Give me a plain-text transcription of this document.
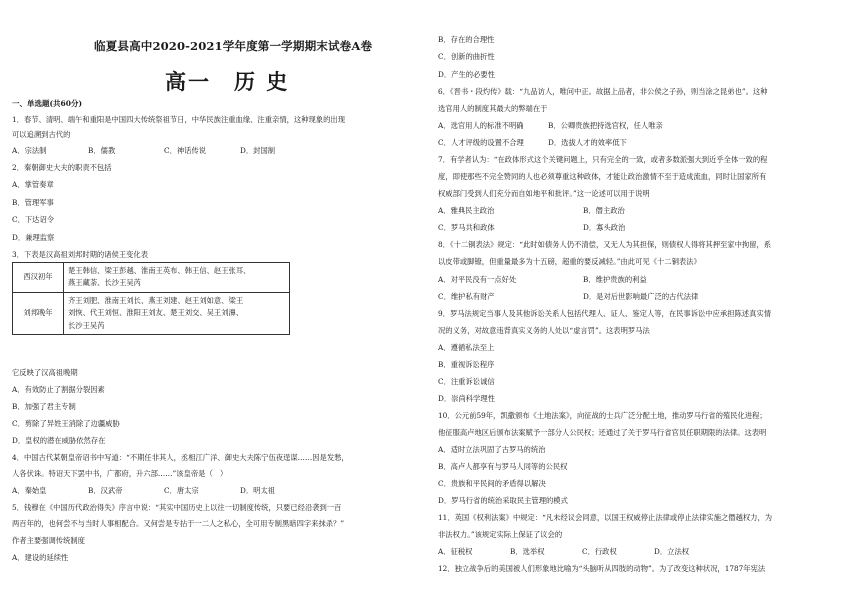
临夏县高中2020-2021学年度第一学期期末试卷A卷
高一　历 史
一、单选题(共60分)
1．春节、清明、端午和重阳是中国四大传统祭祖节日，中华民族注重血缘、注重亲情，这种现象的出现
可以追溯到古代的
A．宗法制	B．儒教	C．神话传说	D．封国制
2．秦朝御史大夫的职责不包括
A．掌管奏章
B．管理军事
C．下达诏令
D．兼理监察
3．下表是汉高祖刘邦时期的诸侯王变化表
西汉初年	楚王韩信、梁王彭越、淮南王英布、韩王信、赵王张耳、
燕王藏荼、长沙王吴芮

刘邦晚年	齐王刘肥、淮南王刘长、燕王刘建、赵王刘如意、梁王
刘恢、代王刘恒、淮阳王刘友、楚王刘交、吴王刘濞、
长沙王吴芮
它反映了汉高祖晚期
A．有效防止了割据分裂因素
B．加强了君主专制
C．剪除了异姓王消除了边疆威胁
D．皇权的潜在威胁依然存在
4．中国古代某朝皇帝诏书中写道：“不期任非其人，丞相江广洋、御史大夫陈宁伍夜逞谋……因是发愁，
人各伏诛。特诏天下罢中书，广都府，升六部……”该皇帝是（　）
A．秦始皇	B．汉武帝	C．唐太宗	D．明太祖
5．钱穆在《中国历代政治得失》序言中说：“其实中国历史上以往一切制度传统，只要已经沿袭到一百
两百年的，也何尝不与当时人事相配合。又何尝是专拈于一二人之私心，全可用专制黑暗四字来抹杀？”
作者主要强调传统制度
A．建设的延续性
B．存在的合理性
C．创新的曲折性
D．产生的必要性
6．《晋书・段灼传》载：“九品访人，唯问中正。故据上品者，非公侯之子孙，则当涂之昆弟也”。这种
选官用人的制度其最大的弊端在于
A．选官用人的标准不明确	B．公卿贵族把持选官权，任人唯亲
C．人才评级的设置不合理	D．选拔人才的效率低下
7．有学者认为：“在政体形式这个关键问题上，只有完全的一致，或者多数派强大到近乎全体一致的程
度，即使那些不完全赞同的人也必须尊重这种政体，才能让政治激情不至于造成流血，同时让国家所有
权威部门受到人们充分而自如地平和批评。”这一论述可以用于说明
A．雅典民主政治	B．僭主政治
C．罗马共和政体	D．寡头政治
8．《十二铜表法》规定：“此时如债务人仍不清偿，又无人为其担保，则债权人得将其押至家中拘留，系
以皮带或脚镣，但重量最多为十五磅，超重的要反减轻。”由此可见《十二铜表法》
A．对平民没有一点好处	B．维护贵族的利益
C．维护私有财产	D．是对后世影响最广泛的古代法律
9．罗马法规定当事人及其他诉讼关系人包括代理人、证人、鉴定人等，在民事诉讼中应承担陈述真实情
况的义务，对故意违背真实义务的人处以“虚言罚”。这表明罗马法
A．遵循私法至上
B．重视诉讼程序
C．注重诉讼诚信
D．崇尚科学理性
10．公元前59年，凯撒颁布《土地法案》，向征战的士兵广泛分配土地，推动罗马行省的殖民化进程；
他征服高卢地区后颁布法案赋予一部分人公民权；还通过了关于罗马行省官员任职期限的法律。这表明
A．适时立法巩固了古罗马的统治
B．高卢人都享有与罗马人同等的公民权
C．贵族和平民间的矛盾得以解决
D．罗马行省的统治采取民主管理的模式
11．英国《权利法案》中规定：“凡未经议会同意，以国王权威停止法律或停止法律实施之僭越权力，为
非法权力。”该规定实际上保证了议会的
A．征税权	B．选举权	C．行政权	D．立法权
12．独立战争后的美国被人们形象地比喻为“头脑听从四肢的动物”。为了改变这种状况，1787年宪法
